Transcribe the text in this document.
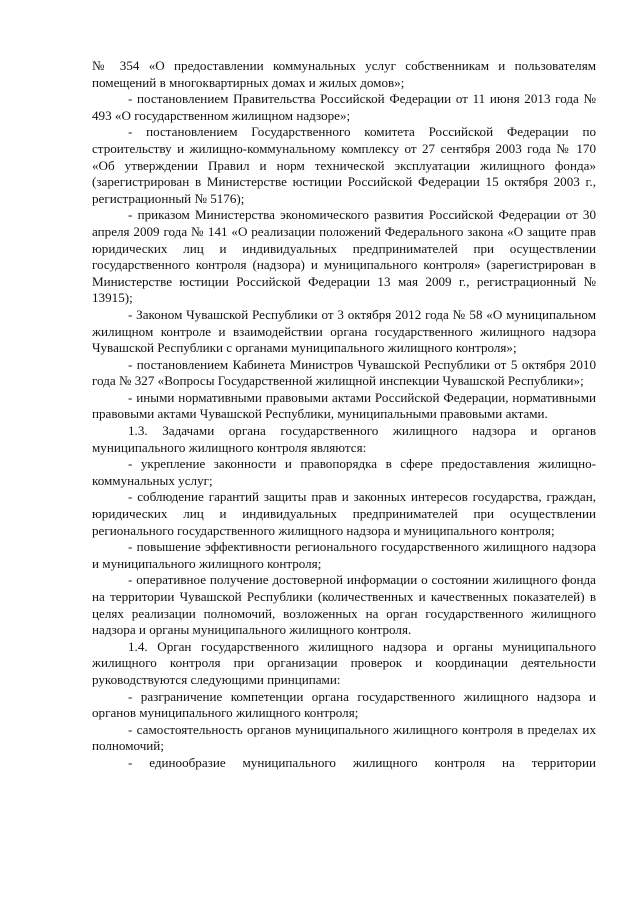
№ 354 «О предоставлении коммунальных услуг собственникам и пользователям помещений в многоквартирных домах и жилых домов»;

- постановлением Правительства Российской Федерации от 11 июня 2013 года № 493 «О государственном жилищном надзоре»;

- постановлением Государственного комитета Российской Федерации по строительству и жилищно-коммунальному комплексу от 27 сентября 2003 года № 170 «Об утверждении Правил и норм технической эксплуатации жилищного фонда» (зарегистрирован в Министерстве юстиции Российской Федерации 15 октября 2003 г., регистрационный № 5176);

- приказом Министерства экономического развития Российской Федерации от 30 апреля 2009 года № 141 «О реализации положений Федерального закона «О защите прав юридических лиц и индивидуальных предпринимателей при осуществлении государственного контроля (надзора) и муниципального контроля» (зарегистрирован в Министерстве юстиции Российской Федерации 13 мая 2009 г., регистрационный № 13915);

- Законом Чувашской Республики от 3 октября 2012 года № 58 «О муниципальном жилищном контроле и взаимодействии органа государственного жилищного надзора Чувашской Республики с органами муниципального жилищного контроля»;

- постановлением Кабинета Министров Чувашской Республики от 5 октября 2010 года № 327 «Вопросы Государственной жилищной инспекции Чувашской Республики»;

- иными нормативными правовыми актами Российской Федерации, нормативными правовыми актами Чувашской Республики, муниципальными правовыми актами.

1.3. Задачами органа государственного жилищного надзора и органов муниципального жилищного контроля являются:

- укрепление законности и правопорядка в сфере предоставления жилищно-коммунальных услуг;

- соблюдение гарантий защиты прав и законных интересов государства, граждан, юридических лиц и индивидуальных предпринимателей при осуществлении регионального государственного жилищного надзора и муниципального контроля;

- повышение эффективности регионального государственного жилищного надзора и муниципального жилищного контроля;

- оперативное получение достоверной информации о состоянии жилищного фонда на территории Чувашской Республики (количественных и качественных показателей) в целях реализации полномочий, возложенных на орган государственного жилищного надзора и органы муниципального жилищного контроля.

1.4. Орган государственного жилищного надзора и органы муниципального жилищного контроля при организации проверок и координации деятельности руководствуются следующими принципами:

- разграничение компетенции органа государственного жилищного надзора и органов муниципального жилищного контроля;

- самостоятельность органов муниципального жилищного контроля в пределах их полномочий;

- единообразие муниципального жилищного контроля на территории
